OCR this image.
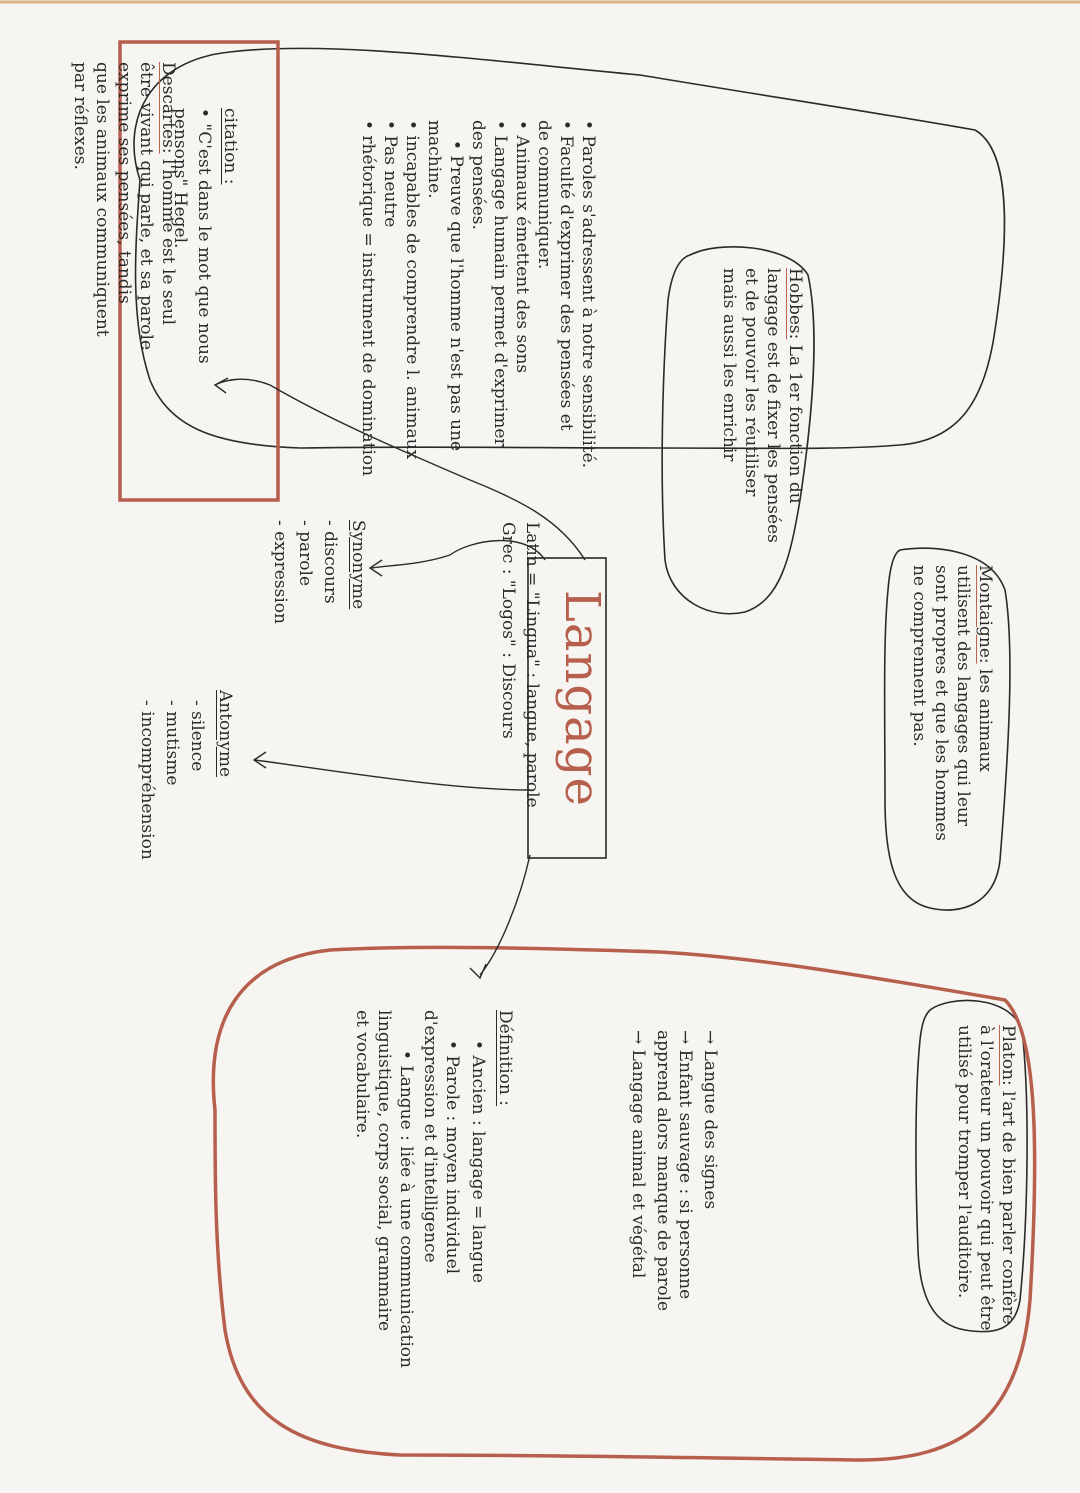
Langage
Latin = "Lingua" : langue, parole
Grec : "Logos" : Discours
Descartes: l'homme est le seul
être vivant qui parle, et sa parole
exprime ses pensées, tandis
que les animaux communiquent
par réflexes.
Hobbes: La 1er fonction du
langage est de fixer les pensées
et de pouvoir les réutiliser
mais aussi les enrichir
Montaigne: les animaux
utilisent des langages qui leur
sont propres et que les hommes
ne comprennent pas.
Platon: l'art de bien parler confère
à l'orateur un pouvoir qui peut être
utilisé pour tromper l'auditoire.
→ Langue des signes
→ Enfant sauvage : si personne
apprend alors manque de parole
→ Langage animal et végétal
Définition :
• Ancien : langage = langue
• Parole : moyen individuel
d'expression et d'intelligence
• Langue : liée à une communication
linguistique, corps social, grammaire
et vocabulaire.
• Paroles s'adressent à notre sensibilité.
• Faculté d'exprimer des pensées et
de communiquer.
• Animaux émettent des sons
• Langage humain permet d'exprimer
des pensées.
• Preuve que l'homme n'est pas une
machine.
• incapables de comprendre l. animaux
• Pas neutre
• rhétorique = instrument de domination
citation :
• "C'est dans le mot que nous
pensons" Hegel.
Synonyme
- discours
- parole
- expression
Antonyme
- silence
- mutisme
- incompréhension
